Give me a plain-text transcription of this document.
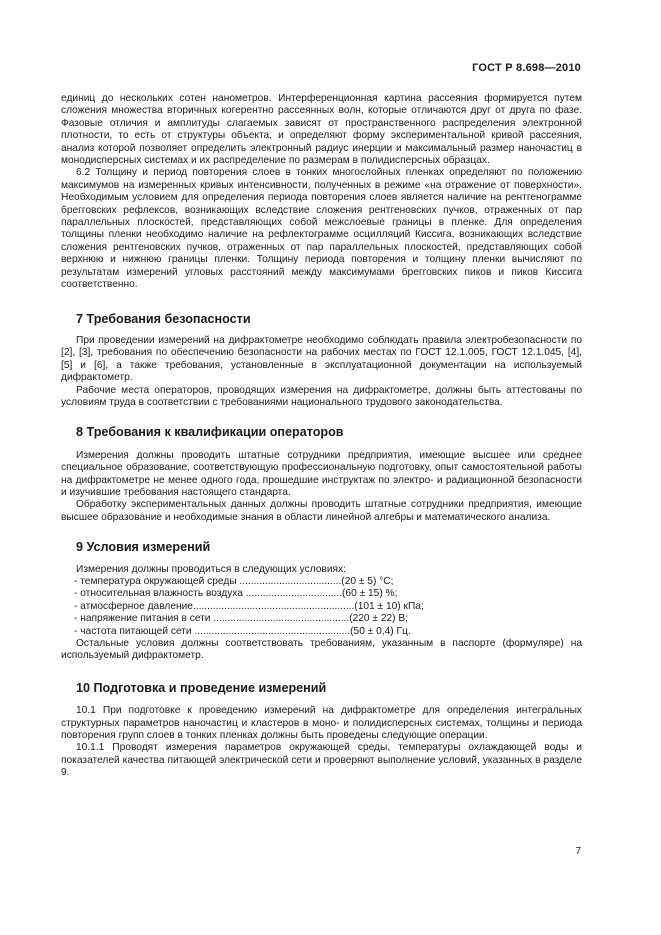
ГОСТ Р 8.698—2010

единиц до нескольких сотен нанометров. Интерференционная картина рассеяния формируется путем сложения множества вторичных когерентно рассеянных волн, которые отличаются друг от друга по фазе. Фазовые отличия и амплитуды слагаемых зависят от пространственного распределения электронной плотности, то есть от структуры объекта, и определяют форму экспериментальной кривой рассеяния, анализ которой позволяет определить электронный радиус инерции и максимальный размер наночастиц в монодисперсных системах и их распределение по размерам в полидисперсных образцах.

6.2 Толщину и период повторения слоев в тонких многослойных пленках определяют по положению максимумов на измеренных кривых интенсивности, полученных в режиме «на отражение от поверхности». Необходимым условием для определения периода повторения слоев является наличие на рентгенограмме брегговских рефлексов, возникающих вследствие сложения рентгеновских пучков, отраженных от пар параллельных плоскостей, представляющих собой межслоевые границы в пленке. Для определения толщины пленки необходимо наличие на рефлектограмме осцилляций Киссига, возникающих вследствие сложения рентгеновских пучков, отраженных от пар параллельных плоскостей, представляющих собой верхнюю и нижнюю границы пленки. Толщину периода повторения и толщину пленки вычисляют по результатам измерений угловых расстояний между максимумами брегговских пиков и пиков Киссига соответственно.

7 Требования безопасности

При проведении измерений на дифрактометре необходимо соблюдать правила электробезопасности по [2], [3], требования по обеспечению безопасности на рабочих местах по ГОСТ 12.1.005, ГОСТ 12.1.045, [4], [5] и [6], а также требования, установленные в эксплуатационной документации на используемый дифрактометр.

Рабочие места операторов, проводящих измерения на дифрактометре, должны быть аттестованы по условиям труда в соответствии с требованиями национального трудового законодательства.

8 Требования к квалификации операторов

Измерения должны проводить штатные сотрудники предприятия, имеющие высшее или среднее специальное образование, соответствующую профессиональную подготовку, опыт самостоятельной работы на дифрактометре не менее одного года, прошедшие инструктаж по электро- и радиационной безопасности и изучившие требования настоящего стандарта.

Обработку экспериментальных данных должны проводить штатные сотрудники предприятия, имеющие высшее образование и необходимые знания в области линейной алгебры и математического анализа.

9 Условия измерений

Измерения должны проводиться в следующих условиях:

- температура окружающей среды ....................................(20 ± 5) °С;
- относительная влажность воздуха ..................................(60 ± 15) %;
- атмосферное давление.........................................................(101 ± 10) кПа;
- напряжение питания в сети ................................................(220 ± 22) В;
- частота питающей сети .......................................................(50 ± 0,4) Гц.

Остальные условия должны соответствовать требованиям, указанным в паспорте (формуляре) на используемый дифрактометр.

10 Подготовка и проведение измерений

10.1 При подготовке к проведению измерений на дифрактометре для определения интегральных структурных параметров наночастиц и кластеров в моно- и полидисперсных системах, толщины и периода повторения групп слоев в тонких пленках должны быть проведены следующие операции.

10.1.1 Проводят измерения параметров окружающей среды, температуры охлаждающей воды и показателей качества питающей электрической сети и проверяют выполнение условий, указанных в разделе 9.

7
